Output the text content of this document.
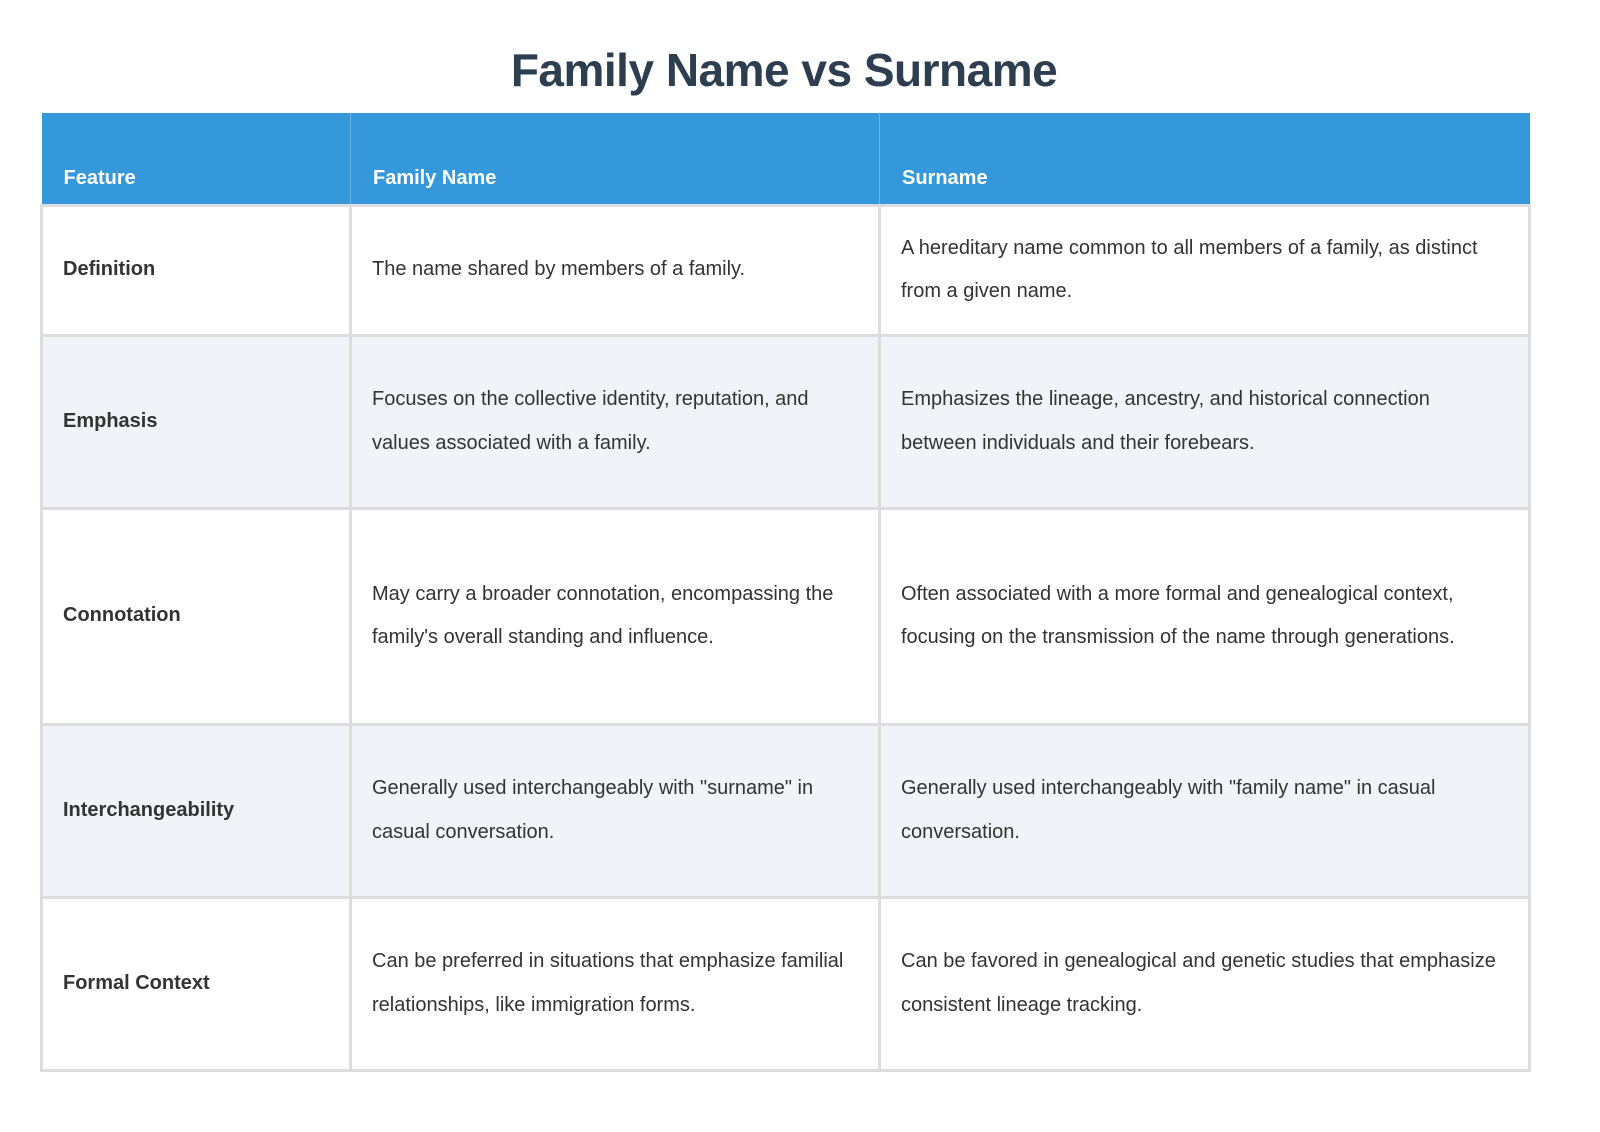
Family Name vs Surname
Feature	Family Name	Surname
Definition	The name shared by members of a family.	A hereditary name common to all members of a family, as distinct from a given name.
Emphasis	Focuses on the collective identity, reputation, and values associated with a family.	Emphasizes the lineage, ancestry, and historical connection between individuals and their forebears.
Connotation	May carry a broader connotation, encompassing the family's overall standing and influence.	Often associated with a more formal and genealogical context, focusing on the transmission of the name through generations.
Interchangeability	Generally used interchangeably with "surname" in casual conversation.	Generally used interchangeably with "family name" in casual conversation.
Formal Context	Can be preferred in situations that emphasize familial relationships, like immigration forms.	Can be favored in genealogical and genetic studies that emphasize consistent lineage tracking.
